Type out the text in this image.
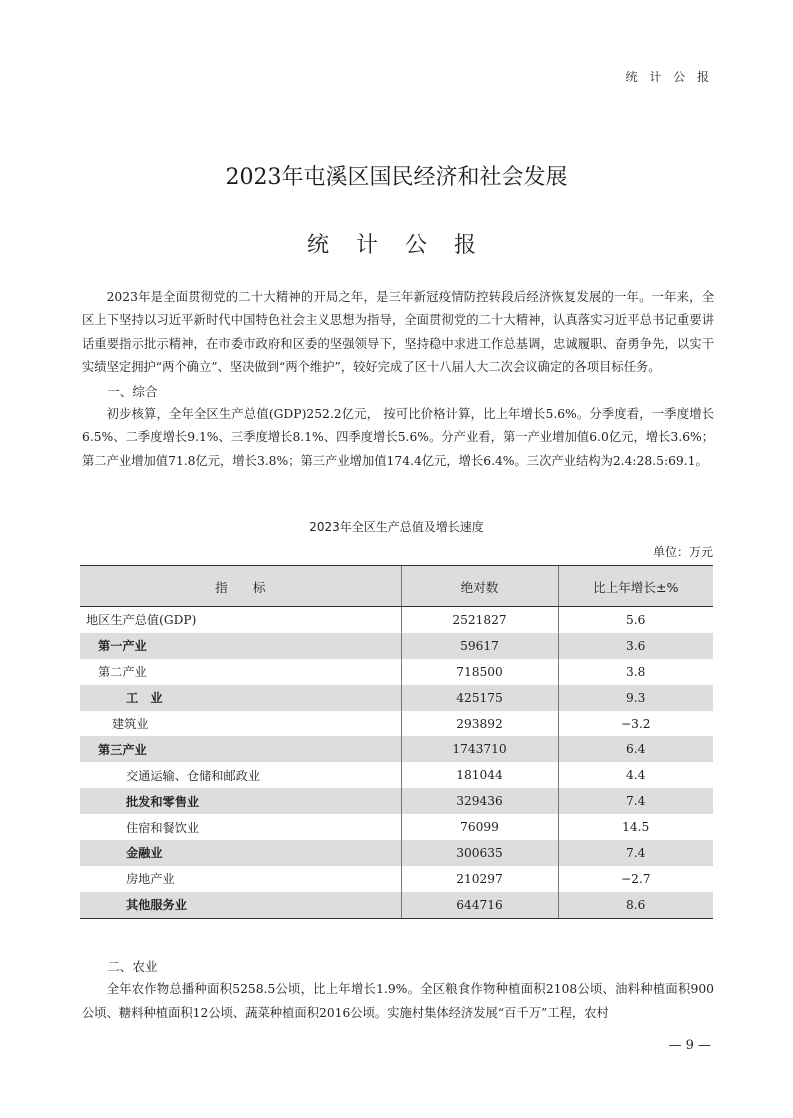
统 计 公 报
2023年屯溪区国民经济和社会发展
统 计 公 报

2023年是全面贯彻党的二十大精神的开局之年，是三年新冠疫情防控转段后经济恢复发展的一年。一年来，全区上下坚持以习近平新时代中国特色社会主义思想为指导，全面贯彻党的二十大精神，认真落实习近平总书记重要讲话重要指示批示精神，在市委市政府和区委的坚强领导下，坚持稳中求进工作总基调，忠诚履职、奋勇争先，以实干实绩坚定拥护“两个确立”、坚决做到“两个维护”，较好完成了区十八届人大二次会议确定的各项目标任务。

一、综合

初步核算，全年全区生产总值(GDP)252.2亿元， 按可比价格计算，比上年增长5.6%。分季度看，一季度增长6.5%、二季度增长9.1%、三季度增长8.1%、四季度增长5.6%。分产业看，第一产业增加值6.0亿元，增长3.6%；第二产业增加值71.8亿元，增长3.8%；第三产业增加值174.4亿元，增长6.4%。三次产业结构为2.4:28.5:69.1。

2023年全区生产总值及增长速度
单位：万元
指　　标	绝对数	比上年增长±%
地区生产总值(GDP)	2521827	5.6
第一产业	59617	3.6
第二产业	718500	3.8
工　业	425175	9.3
建筑业	293892	−3.2
第三产业	1743710	6.4
交通运输、仓储和邮政业	181044	4.4
批发和零售业	329436	7.4
住宿和餐饮业	76099	14.5
金融业	300635	7.4
房地产业	210297	−2.7
其他服务业	644716	8.6

二、农业

全年农作物总播种面积5258.5公顷，比上年增长1.9%。全区粮食作物种植面积2108公顷、油料种植面积900公顷、糖料种植面积12公顷、蔬菜种植面积2016公顷。实施村集体经济发展“百千万”工程，农村

— 9 —
